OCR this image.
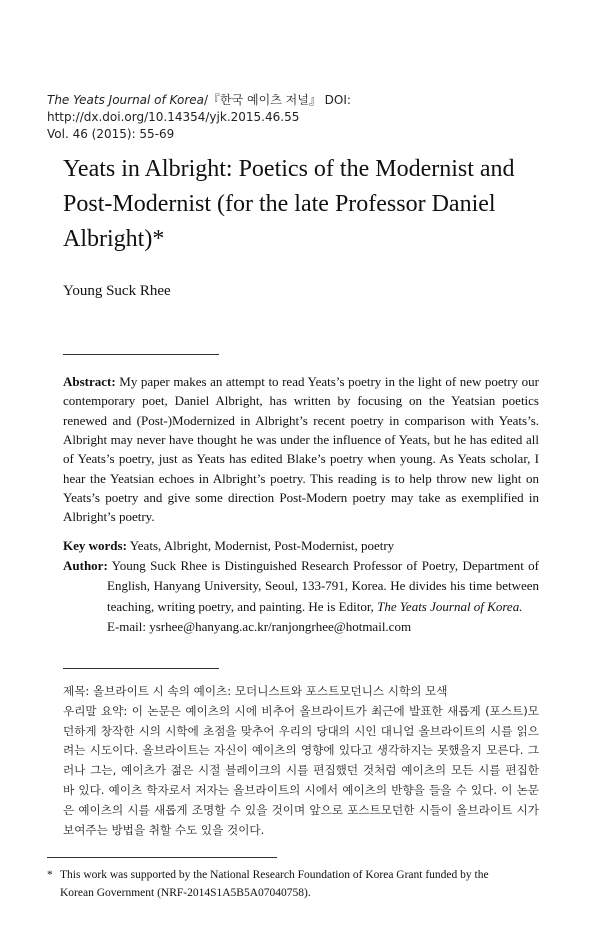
The Yeats Journal of Korea/『한국 예이츠 저널』 DOI: http://dx.doi.org/10.14354/yjk.2015.46.55
Vol. 46 (2015): 55-69
Yeats in Albright: Poetics of the Modernist and Post-Modernist (for the late Professor Daniel Albright)*
Young Suck Rhee
Abstract: My paper makes an attempt to read Yeats’s poetry in the light of new poetry our contemporary poet, Daniel Albright, has written by focusing on the Yeatsian poetics renewed and (Post-)Modernized in Albright’s recent poetry in comparison with Yeats’s. Albright may never have thought he was under the influence of Yeats, but he has edited all of Yeats’s poetry, just as Yeats has edited Blake’s poetry when young. As Yeats scholar, I hear the Yeatsian echoes in Albright’s poetry. This reading is to help throw new light on Yeats’s poetry and give some direction Post-Modern poetry may take as exemplified in Albright’s poetry.
Key words: Yeats, Albright, Modernist, Post-Modernist, poetry
Author: Young Suck Rhee is Distinguished Research Professor of Poetry, Department of English, Hanyang University, Seoul, 133-791, Korea. He divides his time between teaching, writing poetry, and painting. He is Editor, The Yeats Journal of Korea.
E-mail: ysrhee@hanyang.ac.kr/ranjongrhee@hotmail.com

제목: 올브라이트 시 속의 예이츠: 모더니스트와 포스트모던니스 시학의 모색

우리말 요약: 이 논문은 예이츠의 시에 비추어 올브라이트가 최근에 발표한 새롭게 (포스트)모던하게 창작한 시의 시학에 초점을 맞추어 우리의 당대의 시인 대니얼 올브라이트의 시를 읽으려는 시도이다. 올브라이트는 자신이 예이츠의 영향에 있다고 생각하지는 못했을지 모른다. 그러나 그는, 예이츠가 젊은 시절 블레이크의 시를 편집했던 것처럼 예이츠의 모든 시를 편집한 바 있다. 예이츠 학자로서 저자는 올브라이트의 시에서 예이츠의 반향을 들을 수 있다. 이 논문은 예이츠의 시를 새롭게 조명할 수 있을 것이며 앞으로 포스트모던한 시들이 올브라이트 시가 보여주는 방법을 취할 수도 있을 것이다.

* This work was supported by the National Research Foundation of Korea Grant funded by the
Korean Government (NRF-2014S1A5B5A07040758).
